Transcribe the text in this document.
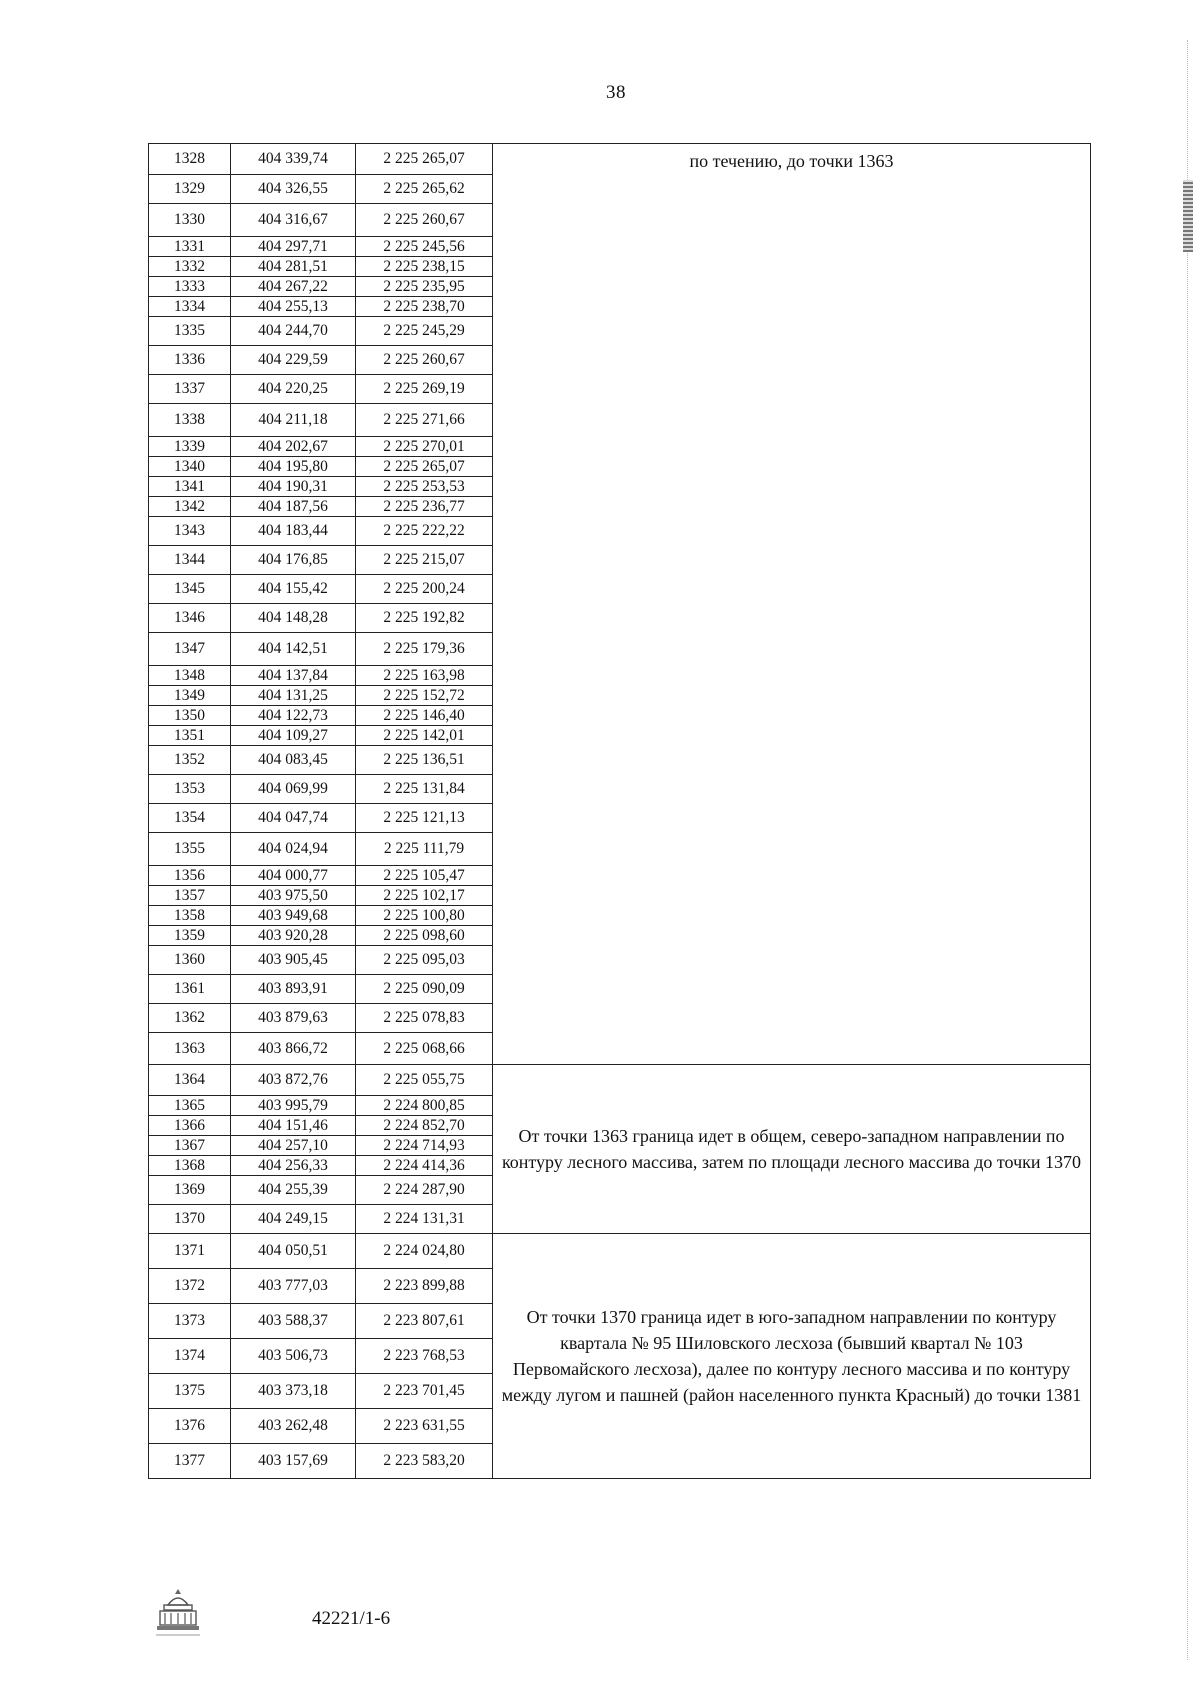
38
1328	404 339,74	2 225 265,07	по течению, до точки 1363
1329	404 326,55	2 225 265,62	
1330	404 316,67	2 225 260,67	
1331	404 297,71	2 225 245,56	
1332	404 281,51	2 225 238,15	
1333	404 267,22	2 225 235,95	
1334	404 255,13	2 225 238,70	
1335	404 244,70	2 225 245,29	
1336	404 229,59	2 225 260,67	
1337	404 220,25	2 225 269,19	
1338	404 211,18	2 225 271,66	
1339	404 202,67	2 225 270,01	
1340	404 195,80	2 225 265,07	
1341	404 190,31	2 225 253,53	
1342	404 187,56	2 225 236,77	
1343	404 183,44	2 225 222,22	
1344	404 176,85	2 225 215,07	
1345	404 155,42	2 225 200,24	
1346	404 148,28	2 225 192,82	
1347	404 142,51	2 225 179,36	
1348	404 137,84	2 225 163,98	
1349	404 131,25	2 225 152,72	
1350	404 122,73	2 225 146,40	
1351	404 109,27	2 225 142,01	
1352	404 083,45	2 225 136,51	
1353	404 069,99	2 225 131,84	
1354	404 047,74	2 225 121,13	
1355	404 024,94	2 225 111,79	
1356	404 000,77	2 225 105,47	
1357	403 975,50	2 225 102,17	
1358	403 949,68	2 225 100,80	
1359	403 920,28	2 225 098,60	
1360	403 905,45	2 225 095,03	
1361	403 893,91	2 225 090,09	
1362	403 879,63	2 225 078,83	
1363	403 866,72	2 225 068,66	
1364	403 872,76	2 225 055,75	От точки 1363 граница идет в общем, северо-западном направлении по контуру лесного массива, затем по площади лесного массива до точки 1370
1365	403 995,79	2 224 800,85	
1366	404 151,46	2 224 852,70	
1367	404 257,10	2 224 714,93	
1368	404 256,33	2 224 414,36	
1369	404 255,39	2 224 287,90	
1370	404 249,15	2 224 131,31	
1371	404 050,51	2 224 024,80	От точки 1370 граница идет в юго-западном направлении по контуру квартала № 95 Шиловского лесхоза (бывший квартал № 103 Первомайского лесхоза), далее по контуру лесного массива и по контуру между лугом и пашней (район населенного пункта Красный) до точки 1381
1372	403 777,03	2 223 899,88	
1373	403 588,37	2 223 807,61	
1374	403 506,73	2 223 768,53	
1375	403 373,18	2 223 701,45	
1376	403 262,48	2 223 631,55	
1377	403 157,69	2 223 583,20	
42221/1-6
